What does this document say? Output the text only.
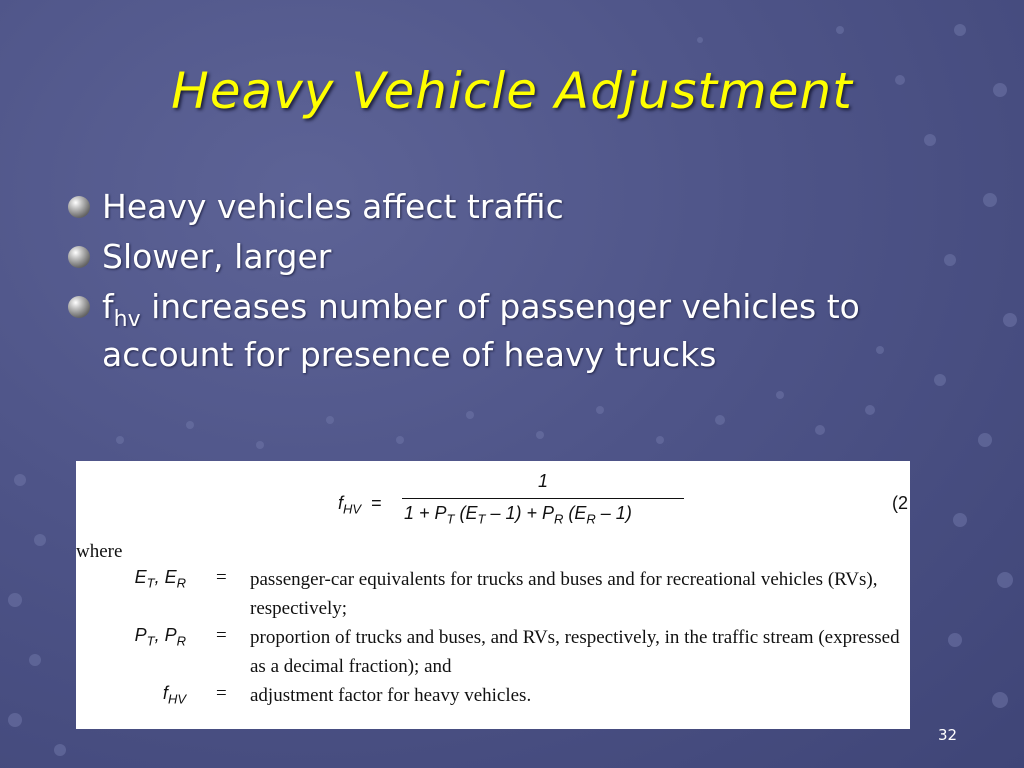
Heavy Vehicle Adjustment
Heavy vehicles affect traffic
Slower, larger
$f_{hv}$ increases number of passenger vehicles to account for presence of heavy trucks
$f_{HV}$ =
1
$1 + P_T$ $(E_T - 1) + P_R$ $(E_R - 1)$	(2
where
$E_T$, $E_R$ = passenger-car equivalents for trucks and buses and for recreational vehicles (RVs), respectively;
$P_T$, $P_R$ = proportion of trucks and buses, and RVs, respectively, in the traffic stream (expressed as a decimal fraction); and
$f_{HV}$ = adjustment factor for heavy vehicles.
32
